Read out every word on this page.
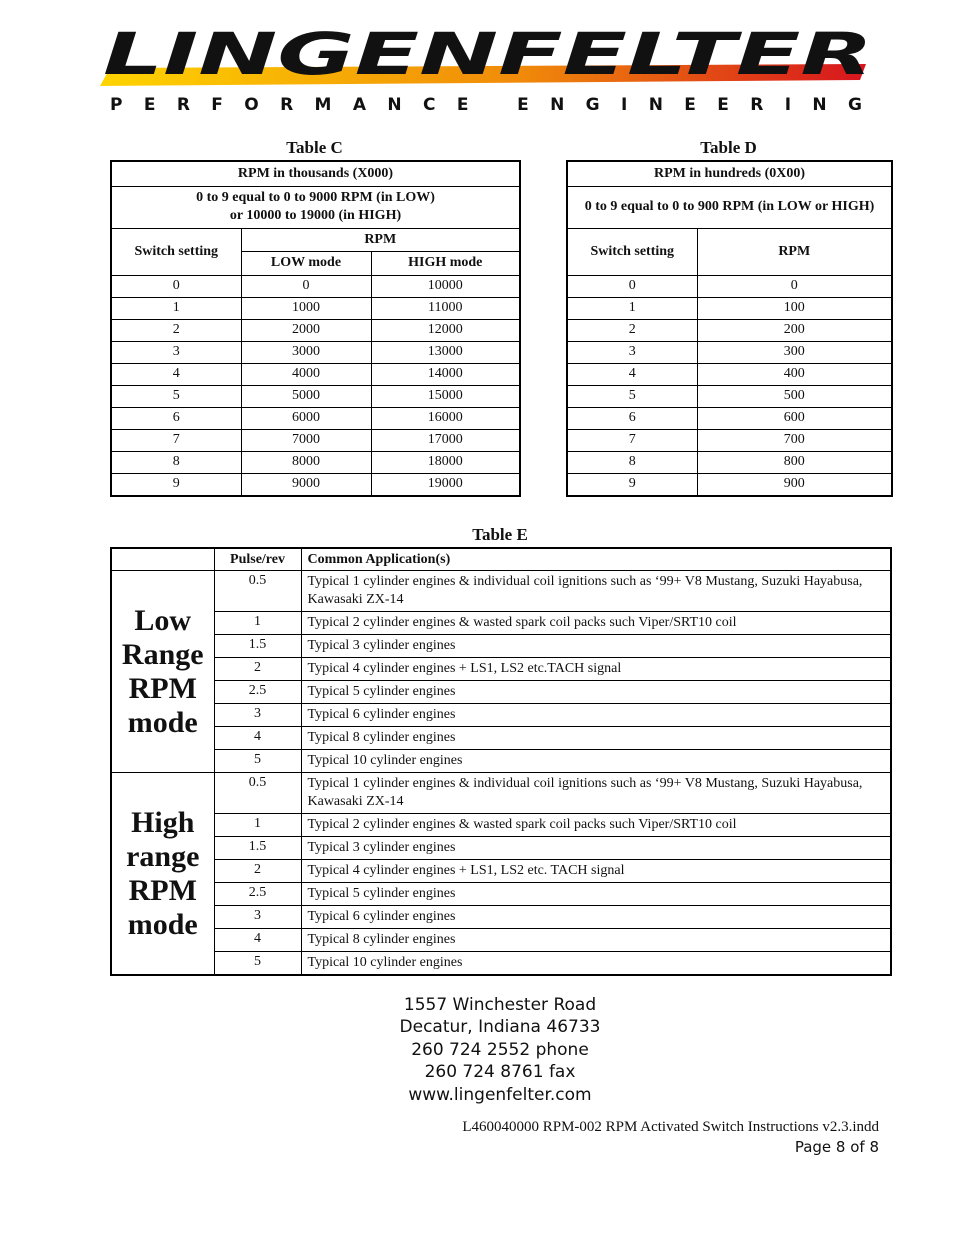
LINGENFELTER
PERFORMANCE ENGINEERING
Table C
RPM in thousands (X000)		
0 to 9 equal to 0 to 9000 RPM (in LOW)
or 10000 to 19000 (in HIGH)		
Switch setting	RPM	
	LOW mode	HIGH mode
0	0	10000
1	1000	11000
2	2000	12000
3	3000	13000
4	4000	14000
5	5000	15000
6	6000	16000
7	7000	17000
8	8000	18000
9	9000	19000
Table D
RPM in hundreds (0X00)	
0 to 9 equal to 0 to 900 RPM (in LOW or HIGH)	
Switch setting	RPM
0	0
1	100
2	200
3	300
4	400
5	500
6	600
7	700
8	800
9	900
Table E
	Pulse/rev	Common Application(s)
Low
Range
RPM
mode	0.5	Typical 1 cylinder engines & individual coil ignitions such as ‘99+ V8 Mustang, Suzuki Hayabusa, Kawasaki ZX-14
	1	Typical 2 cylinder engines & wasted spark coil packs such Viper/SRT10 coil
	1.5	Typical 3 cylinder engines
	2	Typical 4 cylinder engines + LS1, LS2 etc.TACH signal
	2.5	Typical 5 cylinder engines
	3	Typical 6 cylinder engines
	4	Typical 8 cylinder engines
	5	Typical 10 cylinder engines
High
range
RPM
mode	0.5	Typical 1 cylinder engines & individual coil ignitions such as ‘99+ V8 Mustang, Suzuki Hayabusa, Kawasaki ZX-14
	1	Typical 2 cylinder engines & wasted spark coil packs such Viper/SRT10 coil
	1.5	Typical 3 cylinder engines
	2	Typical 4 cylinder engines + LS1, LS2 etc. TACH signal
	2.5	Typical 5 cylinder engines
	3	Typical 6 cylinder engines
	4	Typical 8 cylinder engines
	5	Typical 10 cylinder engines
1557 Winchester Road
Decatur, Indiana 46733
260 724 2552 phone
260 724 8761 fax
www.lingenfelter.com
L460040000 RPM-002 RPM Activated Switch Instructions v2.3.indd
Page 8 of 8
